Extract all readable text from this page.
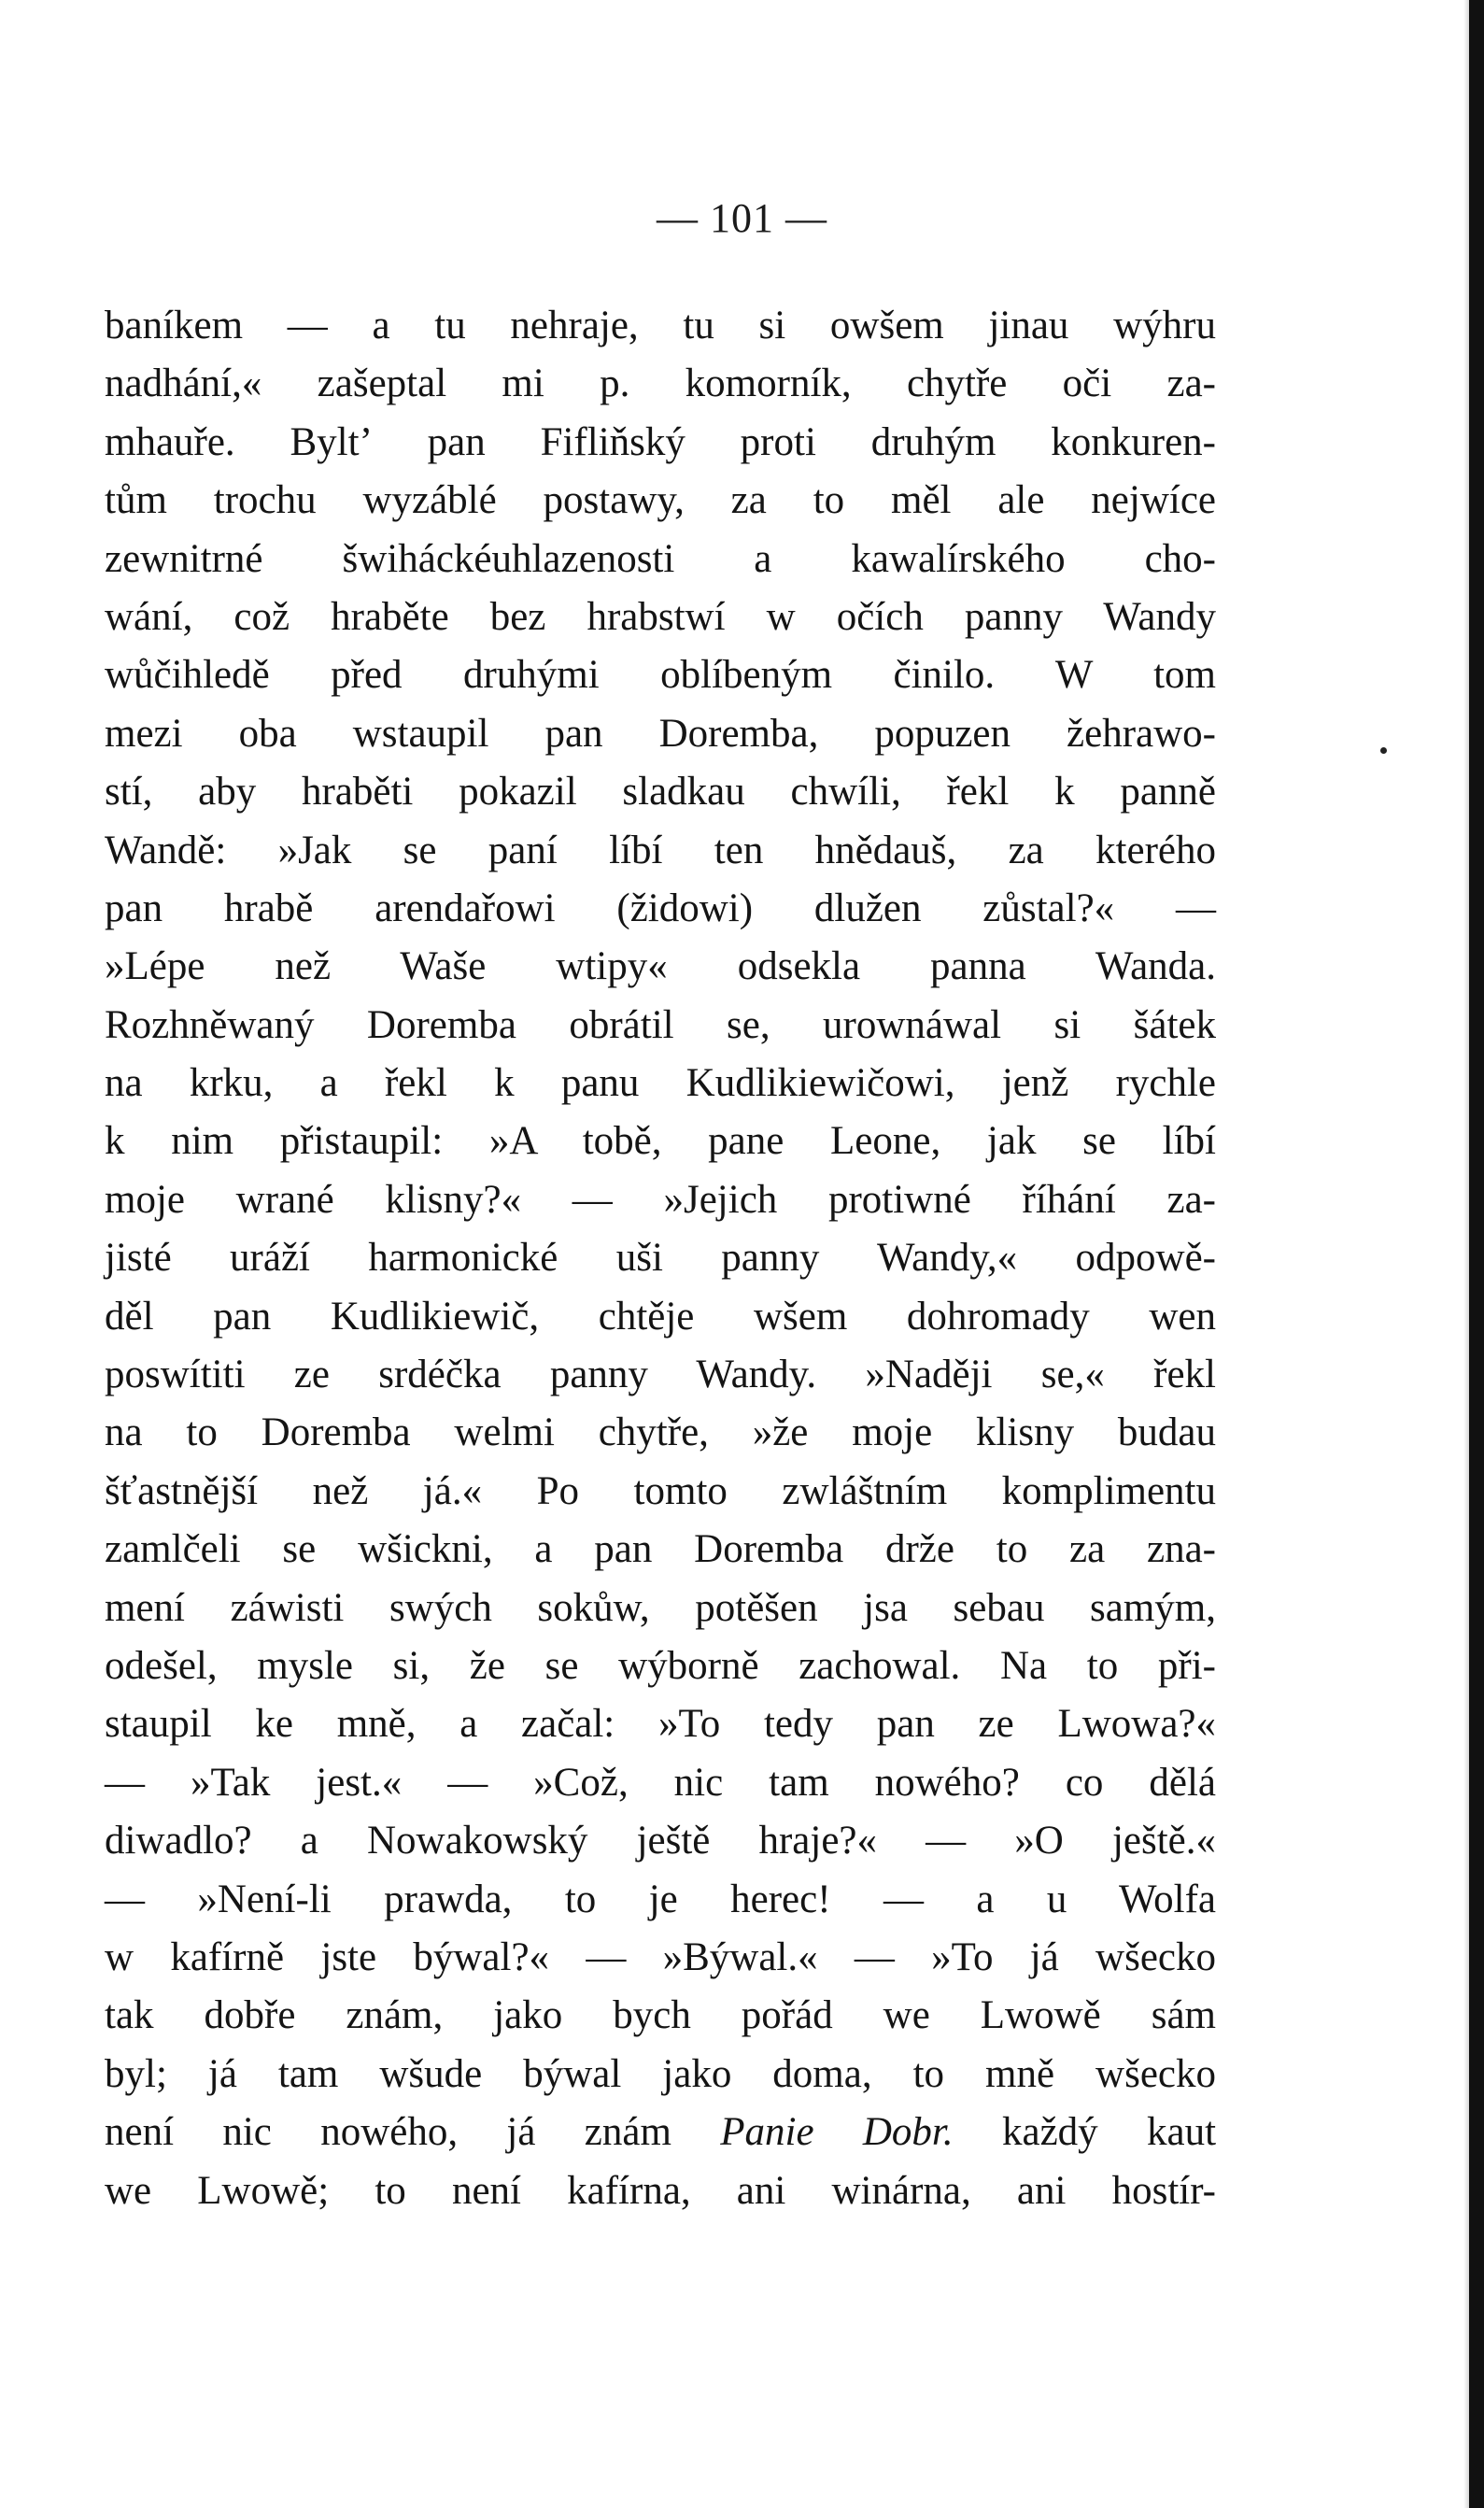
— 101 —
baníkem — a tu nehraje, tu si owšem jinau wýhru
nadhání,« zašeptal mi p. komorník, chytře oči za-
mhauře. Byltʼ pan Fifliňský proti druhým konkuren-
tům trochu wyzáblé postawy, za to měl ale nejwíce
zewnitrné šwiháckéuhlazenosti a kawalírského cho-
wání, což hraběte bez hrabstwí w očích panny Wandy
wůčihledě před druhými oblíbeným činilo. W tom
mezi oba wstaupil pan Doremba, popuzen žehrawo-
stí, aby hraběti pokazil sladkau chwíli, řekl k panně
Wandě: »Jak se paní líbí ten hnědauš, za kterého
pan hrabě arendařowi (židowi) dlužen zůstal?« —
»Lépe než Waše wtipy« odsekla panna Wanda.
Rozhněwaný Doremba obrátil se, urownáwal si šátek
na krku, a řekl k panu Kudlikiewičowi, jenž rychle
k nim přistaupil: »A tobě, pane Leone, jak se líbí
moje wrané klisny?« — »Jejich protiwné říhání za-
jisté uráží harmonické uši panny Wandy,« odpowě-
děl pan Kudlikiewič, chtěje wšem dohromady wen
poswítiti ze srdéčka panny Wandy. »Naději se,« řekl
na to Doremba welmi chytře, »že moje klisny budau
šťastnější než já.« Po tomto zwláštním komplimentu
zamlčeli se wšickni, a pan Doremba drže to za zna-
mení záwisti swých sokůw, potěšen jsa sebau samým,
odešel, mysle si, že se wýborně zachowal. Na to při-
staupil ke mně, a začal: »To tedy pan ze Lwowa?«
— »Tak jest.« — »Což, nic tam nowého? co dělá
diwadlo? a Nowakowský ještě hraje?« — »O ještě.«
— »Není-li prawda, to je herec! — a u Wolfa
w kafírně jste býwal?« — »Býwal.« — »To já wšecko
tak dobře znám, jako bych pořád we Lwowě sám
byl; já tam wšude býwal jako doma, to mně wšecko
není nic nowého, já znám Panie Dobr. každý kaut
we Lwowě; to není kafírna, ani winárna, ani hostír-
